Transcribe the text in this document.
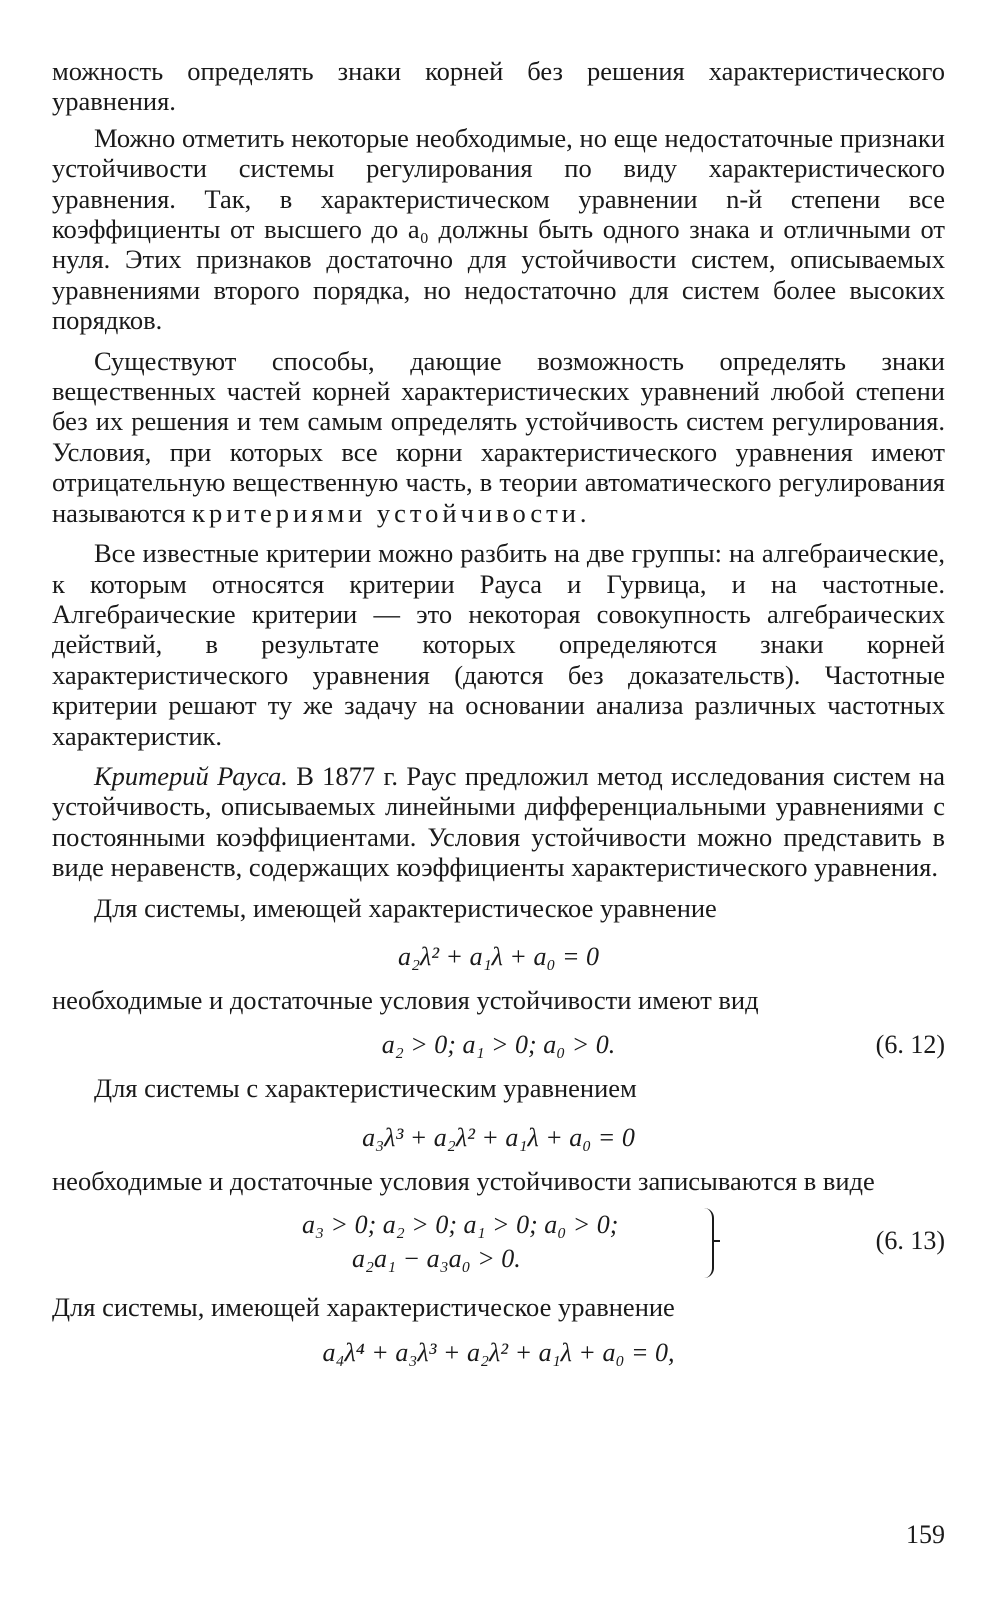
можность определять знаки корней без решения характеристического уравнения.

Можно отметить некоторые необходимые, но еще недостаточные признаки устойчивости системы регулирования по виду характеристического уравнения. Так, в характеристическом уравнении n-й степени все коэффициенты от высшего до a₀ должны быть одного знака и отличными от нуля. Этих признаков достаточно для устойчивости систем, описываемых уравнениями второго порядка, но недостаточно для систем более высоких порядков.

Существуют способы, дающие возможность определять знаки вещественных частей корней характеристических уравнений любой степени без их решения и тем самым определять устойчивость систем регулирования. Условия, при которых все корни характеристического уравнения имеют отрицательную вещественную часть, в теории автоматического регулирования называются критериями устойчивости.

Все известные критерии можно разбить на две группы: на алгебраические, к которым относятся критерии Рауса и Гурвица, и на частотные. Алгебраические критерии — это некоторая совокупность алгебраических действий, в результате которых определяются знаки корней характеристического уравнения (даются без доказательств). Частотные критерии решают ту же задачу на основании анализа различных частотных характеристик.

Критерий Рауса. В 1877 г. Раус предложил метод исследования систем на устойчивость, описываемых линейными дифференциальными уравнениями с постоянными коэффициентами. Условия устойчивости можно представить в виде неравенств, содержащих коэффициенты характеристического уравнения.

Для системы, имеющей характеристическое уравнение

a₂λ² + a₁λ + a₀ = 0

необходимые и достаточные условия устойчивости имеют вид

a₂ > 0; a₁ > 0; a₀ > 0.	(6. 12)

Для системы с характеристическим уравнением

a₃λ³ + a₂λ² + a₁λ + a₀ = 0

необходимые и достаточные условия устойчивости записываются в виде

a₃ > 0; a₂ > 0; a₁ > 0; a₀ > 0;
a₂a₁ − a₃a₀ > 0.
(6. 13)

Для системы, имеющей характеристическое уравнение

a₄λ⁴ + a₃λ³ + a₂λ² + a₁λ + a₀ = 0,
159
